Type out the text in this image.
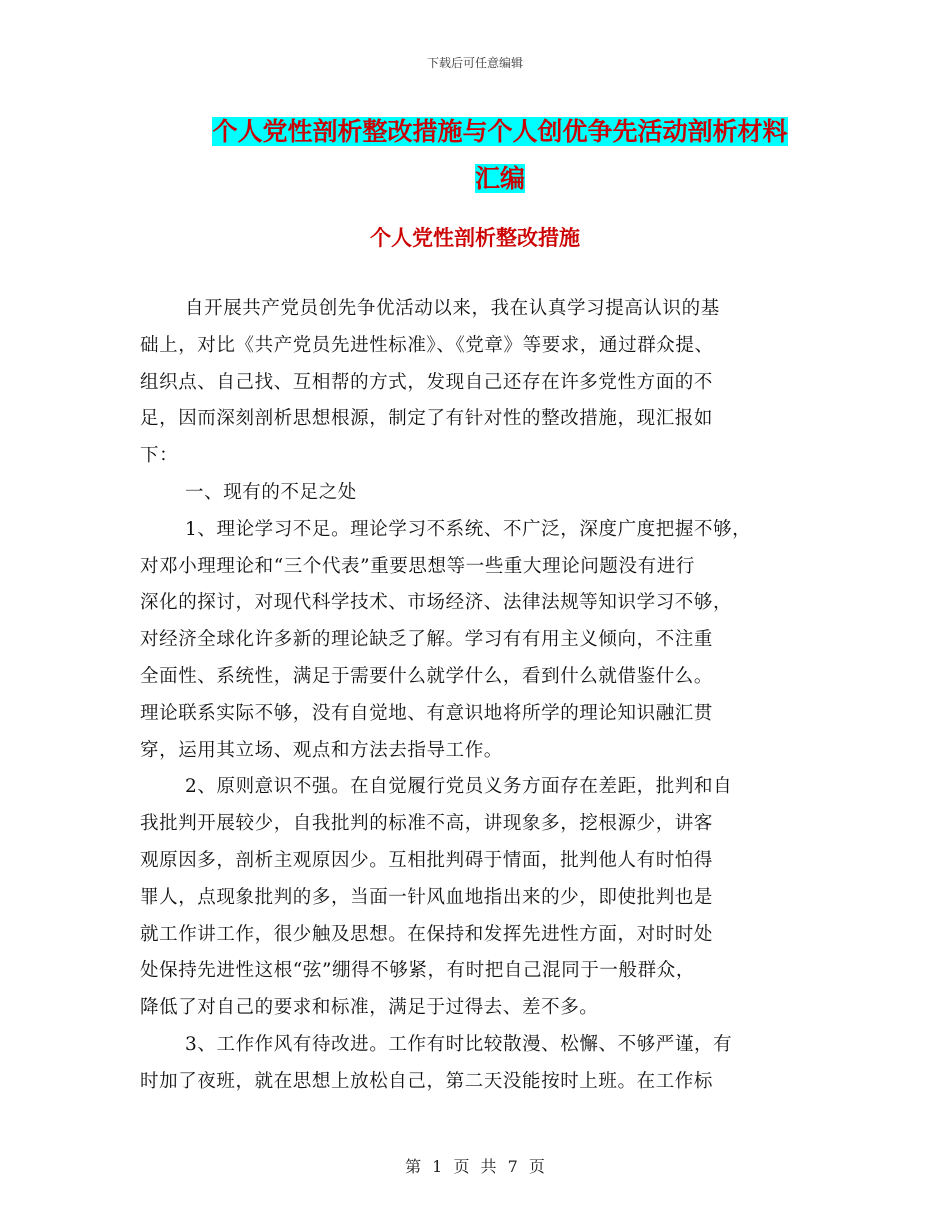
下载后可任意编辑
个人党性剖析整改措施与个人创优争先活动剖析材料
汇编
个人党性剖析整改措施

自开展共产党员创先争优活动以来，我在认真学习提高认识的基
础上，对比《共产党员先进性标准》、《党章》等要求，通过群众提、
组织点、自己找、互相帮的方式，发现自己还存在许多党性方面的不
足，因而深刻剖析思想根源，制定了有针对性的整改措施，现汇报如
下：

一、现有的不足之处

1、理论学习不足。理论学习不系统、不广泛，深度广度把握不够，
对邓小理理论和“三个代表”重要思想等一些重大理论问题没有进行
深化的探讨，对现代科学技术、市场经济、法律法规等知识学习不够，
对经济全球化许多新的理论缺乏了解。学习有有用主义倾向，不注重
全面性、系统性，满足于需要什么就学什么，看到什么就借鉴什么。
理论联系实际不够，没有自觉地、有意识地将所学的理论知识融汇贯
穿，运用其立场、观点和方法去指导工作。

2、原则意识不强。在自觉履行党员义务方面存在差距，批判和自
我批判开展较少，自我批判的标准不高，讲现象多，挖根源少，讲客
观原因多，剖析主观原因少。互相批判碍于情面，批判他人有时怕得
罪人，点现象批判的多，当面一针风血地指出来的少，即使批判也是
就工作讲工作，很少触及思想。在保持和发挥先进性方面，对时时处
处保持先进性这根“弦”绷得不够紧，有时把自己混同于一般群众，
降低了对自己的要求和标准，满足于过得去、差不多。

3、工作作风有待改进。工作有时比较散漫、松懈、不够严谨，有
时加了夜班，就在思想上放松自己，第二天没能按时上班。在工作标

第 1 页 共 7 页
